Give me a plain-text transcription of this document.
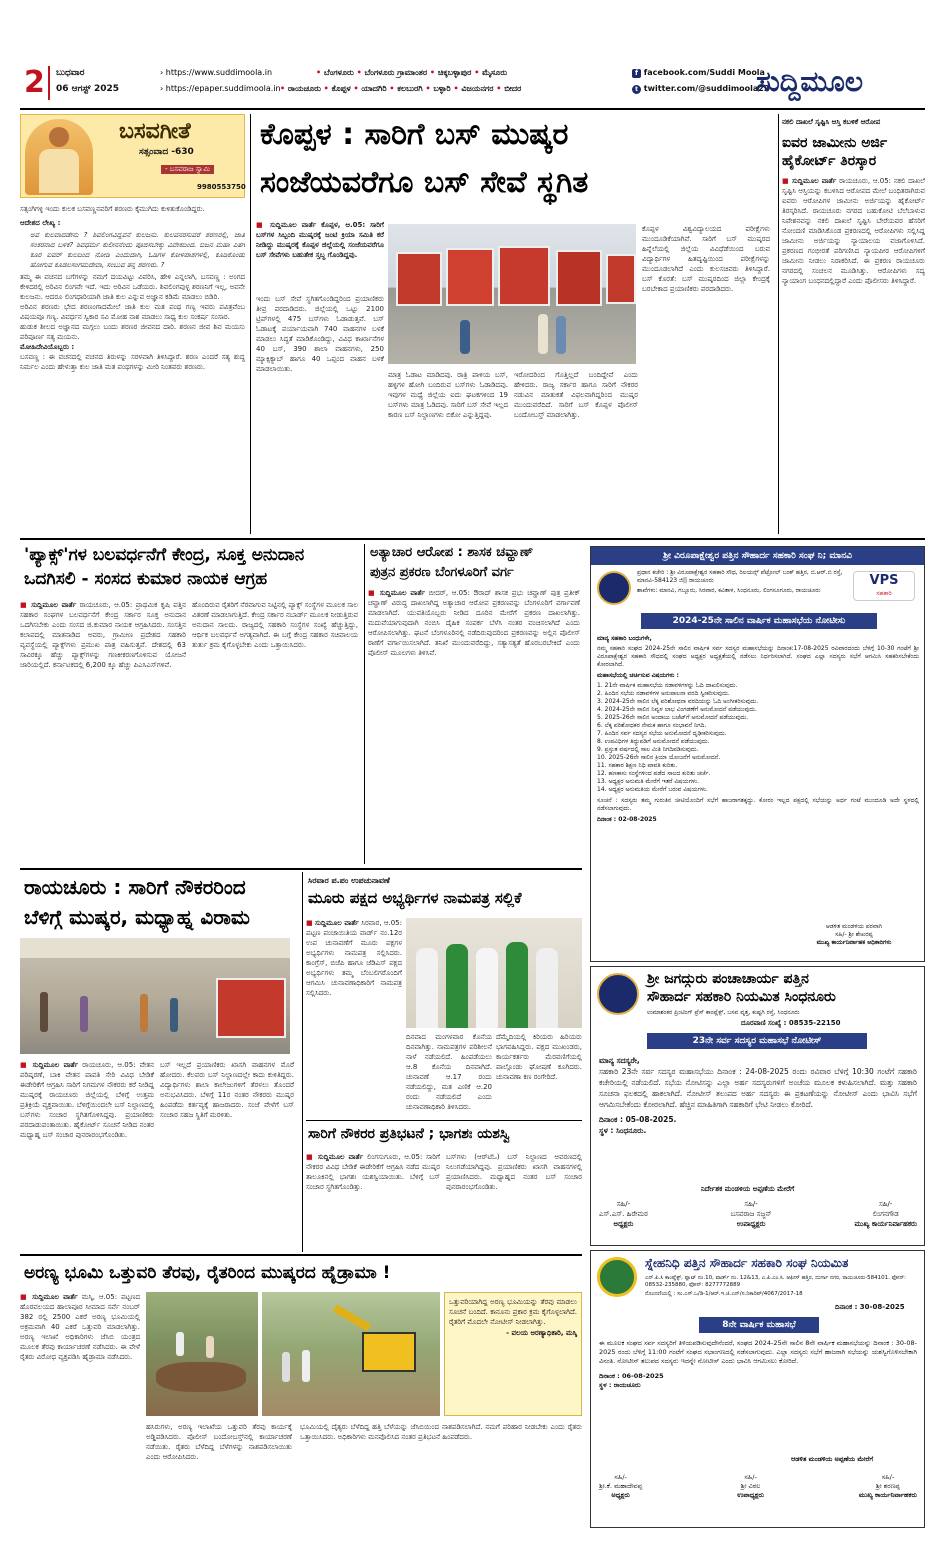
2 ಬುಧವಾರ
06 ಆಗಸ್ಟ್ 2025
› https://www.suddimoola.in
› https://epaper.suddimoola.in
• ಬೆಂಗಳೂರು • ಬೆಂಗಳೂರು ಗ್ರಾಮಾಂತರ • ಚಿಕ್ಕಬಳ್ಳಾಪುರ • ಮೈಸೂರು
• ರಾಯಚೂರು • ಕೊಪ್ಪಳ • ಯಾದಗಿರಿ • ಕಲಬುರಗಿ • ಬಳ್ಳಾರಿ • ವಿಜಯನಗರ • ಬೀದರ
f facebook.com/Suddi Moola
t twitter.com/@suddimoola22
ಸುದ್ದಿಮೂಲ
ಬಸವಗೀತೆ
ಸತ್ಸಂವಾದ -630
- ಬಸವರಾಜ ಸ್ವಾಮಿ
9980553750

ಸತ್ಸಂಗಿಗಳ್ಳಿ ಇಂದು ಕುಲಕ ಬಸವಣ್ಣನವರಿಗೆ ಶರಣರು ಕೈಮುಗಿದು ಕುಳಿತುಕೊಂಡಿದ್ದರು.

ಆದೇಶದ ಲೇಖ್ಯ :

ಅವ ಕುಲವಾದಡೇನು ? ಶಿವಲಿಂಗವಿದ್ದವನೆ ಕುಲಜನು. ಕುಲವನರಸುವರೆ ಶರಣರಲ್ಲಿ, ಜಾತಿ ಸಂಕರನಾದ ಬಳಿಕ? ಶಿವಧರ್ಮ ಕುಲೀನನೆಂದು ಪೂಜಿಸಬೇಕ್ಕು ವಿವೇಕದಿಂದ. ಬಿಜನ ಮಹಾ ಪಿತಗಿ ಕೂರ ಐವರ್ ಕುಲದಿಂದ ನೋಡಿ ಎಂದುದಾಗಿ, ಓಡಿಗಳ ಕೋಳಿಪಾಶಗಳಲ್ಲಿ, ಕೂಡಿಕೊಂಡು ಹೋಗುವ ಕೂಡಲಸಂಗಮದೇವಾ, ಸಂಬುವ ತನ್ನ ಶರಣರು. ?

ತಮ್ಮ ಈ ವಚನದ ಬಗೆಗಳನ್ನು ನಮಗೆ ದಯವಿಟ್ಟು ವಿವರಿಸಿ, ಹೇಳಿ ಎನ್ನಲಾಗಿ, ಬಸವಣ್ಣ : ಅಂಗದ ಕೇಳಿದರಲ್ಲಿ ಅರಿವಿನ ಲಿಂಗವೇ ಇದೆ. ಇದು ಅರಿವಿನ ಒಡೆಯರು. ಶಿವಲಿಂಗವುಳ್ಳ ಶರಣನಿಗೆ ಇಲ್ಲ, ಅವನೇ ಕುಲಜನು. ಆದರೂ ಲಿಂಗಧಾರಿಯಾಗಿ ಜಾತಿ ಕುಲ ಎನ್ನುವ ಅಜ್ಞಾನ ಕಡಿಮೆ ಮಾಡಲು ಬಿಡಿರಿ.

ಅರಿವಿನ ಶರಣರು ಭೇದ ಶರಣಂಗಾದಮೇಲೆ ಜಾತಿ ಕುಲ ಮತ ಪಂಥ ಗಣ್ಯ ಇವರು ಪವಿತ್ರವೆಂಬ ವಿಷಯವೂ ಗಣ್ಯ. ವಿವರ್ಧನ ಸ್ವಿಕಾರ ಸವಿ ಮೋಹ ನಾಶ ಮಾಡಲು ಸಾಧ್ಯ ಕುಲ ಸಂಕರ್ಷ ಸಂಸಾರ.

ಹುಡುಕ ಶೀಲದ ಅಜ್ಞಾನದ ಮಗ್ಗಲು ಬಂದು ಶರಣರ ಜೀವನದ ದಾರಿ. ಶರಣನ ಜೀವ ಶಿವ ಮಯಸು ಪರಿಪೂರ್ಣ ಸತ್ಯ ಮಯನು.

ಮೋಹಿದೇವಿಯೊಬ್ಬರು :

ಬಸವಣ್ಣ : ಈ ವಚನದಲ್ಲಿ ವಚನದ ತಿರುಳನ್ನು ಸರಳವಾಗಿ ತಿಳಿಸಿದ್ದಾರೆ. ಶರಣ ಎಂದರೆ ಸತ್ಯ ಶುದ್ಧ ನಿರ್ಮಲ ಎಂದು ಹೇಳುತ್ತಾ ಕುಲ ಜಾತಿ ಮತ ಪಂಥಗಳನ್ನು ಮೀರಿ ನಿಂತವರು ಶರಣರು.

ಕೊಪ್ಪಳ : ಸಾರಿಗೆ ಬಸ್ ಮುಷ್ಕರ
ಸಂಜೆಯವರೆಗೂ ಬಸ್ ಸೇವೆ ಸ್ಥಗಿತ
■ ಸುದ್ದಿಮೂಲ ವಾರ್ತೆ ಕೊಪ್ಪಳ, ಆ.05: ಸಾರಿಗೆ ಬಸ್‌ಗಳ ಸಿಬ್ಬಂದಿ ಮುಷ್ಕರಕ್ಕೆ ಜಂಟಿ ಕ್ರಿಯಾ ಸಮಿತಿ ಕರೆ ನೀಡಿದ್ದು ಮುಷ್ಕರಕ್ಕೆ ಕೊಪ್ಪಳ ಜಿಲ್ಲೆಯಲ್ಲಿ ಸಂಜೆಯವರೆಗೂ ಬಸ್ ಸೇವೆಗಳು ಬಹುತೇಕ ಸ್ತಬ್ಧ ಗೊಂಡಿದ್ದವು.
ಇಂದು ಬಸ್ ಸೇವೆ ಸ್ಥಗಿತಗೊಂಡಿದ್ದರಿಂದ ಪ್ರಯಾಣಿಕರು ತೀವ್ರ ಪರದಾಡಿದರು. ಜಿಲ್ಲೆಯಲ್ಲಿ ಒಟ್ಟು 2100 ಟ್ರಿಪ್‌ಗಳಲ್ಲಿ 475 ಬಸ್‌ಗಳು ಓಡಾಡುತ್ತವೆ. ಬಸ್ ಓಡಾಟಕ್ಕೆ ಪರ್ಯಾಯವಾಗಿ 740 ವಾಹನಗಳ ಬಳಕೆ ಮಾಡಲು ಸಿದ್ಧತೆ ಮಾಡಿಕೊಂಡಿದ್ದು, ವಿವಿಧ ಕಾರ್ಖಾನೆಗಳ 40 ಬಸ್, 390 ಶಾಲಾ ವಾಹನಗಳು, 250 ಮ್ಯಾಕ್ಸಿಕ್ಯಾಬ್ ಹಾಗೂ 40 ಒಪ್ಪಂದ ವಾಹನ ಬಳಕೆ ಮಾಡಲಾಯಿತು.
ಮಾತ್ರ ಓಡಾಟ ಮಾಡಿದವು. ರಾತ್ರಿ ಪಾಳಿಯ ಬಸ್, ಹಳ್ಳಿಗಳ ಹೋಗಿ ಬಂದಿರುವ ಬಸ್‌ಗಳು ಓಡಾಡಿದವು. ಇವುಗಳ ಮಧ್ಯೆ ಜಿಲ್ಲೆಯ ಐದು ಘಟಕಗಳಿಂದ 19 ಬಸ್‌ಗಳು ಮಾತ್ರ ಓಡಿದವು. ಸಾರಿಗೆ ಬಸ್ ಸೇವೆ ಇಲ್ಲದ ಕಾರಣ ಬಸ್ ನಿಲ್ದಾಣಗಳು ಬಿಕೋ ಎನ್ನುತ್ತಿದ್ದವು.
ಇರೋದರಿಂದ ಗೊತ್ತಿಲ್ಲದೆ ಬಂದಿದ್ದೇವೆ ಎಂದು ಹೇಳಿದರು. ರಾಜ್ಯ ಸರ್ಕಾರ ಹಾಗೂ ಸಾರಿಗೆ ನೌಕರರ ನಡುವಿನ ಮಾತುಕತೆ ವಿಫಲವಾಗಿದ್ದರಿಂದ ಮುಷ್ಕರ ಮುಂದುವರೆದಿದೆ. ಸಾರಿಗೆ ಬಸ್ ಕೊಪ್ಪಳ ಪೊಲೀಸ್ ಬಂದೋಬಸ್ತ್ ಮಾಡಲಾಗಿತ್ತು.
ಕೊಪ್ಪಳ ವಿಶ್ವವಿದ್ಯಾಲಯದ ಪರೀಕ್ಷೆಗಳು ಮುಂದೂಡಿಕೆಯಾಗಿವೆ. ಸಾರಿಗೆ ಬಸ್ ಮುಷ್ಕರದ ಹಿನ್ನೆಲೆಯಲ್ಲಿ ಜಿಲ್ಲೆಯ ವಿವಿಧೆಡೆಯಿಂದ ಬರುವ ವಿದ್ಯಾರ್ಥಿಗಳ ಹಿತದೃಷ್ಟಿಯಿಂದ ಪರೀಕ್ಷೆಗಳನ್ನು ಮುಂದೂಡಲಾಗಿದೆ ಎಂದು ಕುಲಸಚಿವರು ತಿಳಿಸಿದ್ದಾರೆ. ಬಸ್ ಕೊರತೆ: ಬಸ್ ಮುಷ್ಕರದಿಂದ ಜಿಲ್ಲಾ ಕೇಂದ್ರಕ್ಕೆ ಬರಬೇಕಾದ ಪ್ರಯಾಣಿಕರು ಪರದಾಡಿದರು.
ನಕಲಿ ದಾಖಲೆ ಸೃಷ್ಟಿಸಿ ಆಸ್ತಿ ಕಬಳಿಕೆ ಆರೋಪ
ಐವರ ಜಾಮೀನು ಅರ್ಜಿ ಹೈಕೋರ್ಟ್ ತಿರಸ್ಕಾರ
■ ಸುದ್ದಿಮೂಲ ವಾರ್ತೆ ರಾಯಚೂರು, ಆ.05: ನಕಲಿ ದಾಖಲೆ ಸೃಷ್ಟಿಸಿ ಆಸ್ತಿಯನ್ನು ಕಬಳಿಸಿದ ಆರೋಪದ ಮೇಲೆ ಬಂಧಿತರಾಗಿರುವ ಐವರು ಆರೋಪಿಗಳ ಜಾಮೀನು ಅರ್ಜಿಯನ್ನು ಹೈಕೋರ್ಟ್ ತಿರಸ್ಕರಿಸಿದೆ. ರಾಯಚೂರು ನಗರದ ಬಹುಕೋಟಿ ಬೆಲೆಬಾಳುವ ನಿವೇಶನವನ್ನು ನಕಲಿ ದಾಖಲೆ ಸೃಷ್ಟಿಸಿ ಬೇರೆಯವರ ಹೆಸರಿಗೆ ನೋಂದಣಿ ಮಾಡಿಸಿಕೊಂಡ ಪ್ರಕರಣದಲ್ಲಿ ಆರೋಪಿಗಳು ಸಲ್ಲಿಸಿದ್ದ ಜಾಮೀನು ಅರ್ಜಿಯನ್ನು ನ್ಯಾಯಾಲಯ ವಜಾಗೊಳಿಸಿದೆ. ಪ್ರಕರಣದ ಗಂಭೀರತೆ ಪರಿಗಣಿಸಿದ ನ್ಯಾಯಪೀಠ ಆರೋಪಿಗಳಿಗೆ ಜಾಮೀನು ನೀಡಲು ನಿರಾಕರಿಸಿದೆ. ಈ ಪ್ರಕರಣ ರಾಯಚೂರು ನಗರದಲ್ಲಿ ಸಂಚಲನ ಮೂಡಿಸಿತ್ತು. ಆರೋಪಿಗಳು ಸದ್ಯ ನ್ಯಾಯಾಂಗ ಬಂಧನದಲ್ಲಿದ್ದಾರೆ ಎಂದು ಪೊಲೀಸರು ತಿಳಿಸಿದ್ದಾರೆ.
'ಪ್ಯಾಕ್ಸ್'ಗಳ ಬಲವರ್ಧನೆಗೆ ಕೇಂದ್ರ, ಸೂಕ್ತ ಅನುದಾನ
ಒದಗಿಸಲಿ - ಸಂಸದ ಕುಮಾರ ನಾಯಕ ಆಗ್ರಹ
■ ಸುದ್ದಿಮೂಲ ವಾರ್ತೆ ರಾಯಚೂರು, ಆ.05: ಪ್ರಾಥಮಿಕ ಕೃಷಿ ಪತ್ತಿನ ಸಹಕಾರ ಸಂಘಗಳ ಬಲವರ್ಧನೆಗೆ ಕೇಂದ್ರ ಸರ್ಕಾರ ಸೂಕ್ತ ಅನುದಾನ ಒದಗಿಸಬೇಕು ಎಂದು ಸಂಸದ ಜಿ.ಕುಮಾರ ನಾಯಕ ಆಗ್ರಹಿಸಿದರು. ಸಂಸತ್ತಿನ ಕಲಾಪದಲ್ಲಿ ಮಾತನಾಡಿದ ಅವರು, ಗ್ರಾಮೀಣ ಪ್ರದೇಶದ ಸಹಕಾರಿ ವ್ಯವಸ್ಥೆಯಲ್ಲಿ ಪ್ಯಾಕ್ಸ್‌ಗಳು ಪ್ರಮುಖ ಪಾತ್ರ ವಹಿಸುತ್ತವೆ. ದೇಶದಲ್ಲಿ 63 ಸಾವಿರಕ್ಕೂ ಹೆಚ್ಚು ಪ್ಯಾಕ್ಸ್‌ಗಳನ್ನು ಗಣಕೀಕರಣಗೊಳಿಸುವ ಯೋಜನೆ ಜಾರಿಯಲ್ಲಿದೆ. ಕರ್ನಾಟಕದಲ್ಲಿ 6,200 ಕ್ಕೂ ಹೆಚ್ಚು ಪಿಎಸಿಎಸ್‌ಗಳಿವೆ.
ಹೊಂದಿರುವ ರೈತರಿಗೆ ನೆರವಾಗುವ ನಿಟ್ಟಿನಲ್ಲಿ ಪ್ಯಾಕ್ಸ್ ಸಂಸ್ಥೆಗಳ ಮೂಲಕ ಸಾಲ ವಿತರಣೆ ಮಾಡಲಾಗುತ್ತಿದೆ. ಕೇಂದ್ರ ಸರ್ಕಾರ ನಬಾರ್ಡ್ ಮೂಲಕ ನೀಡುತ್ತಿರುವ ಅನುದಾನ ಸಾಲದು. ರಾಜ್ಯದಲ್ಲಿ ಸಹಕಾರಿ ಸಂಸ್ಥೆಗಳ ಸಂಖ್ಯೆ ಹೆಚ್ಚುತ್ತಿದ್ದು, ಆರ್ಥಿಕ ಬಲವರ್ಧನೆ ಅಗತ್ಯವಾಗಿದೆ. ಈ ಬಗ್ಗೆ ಕೇಂದ್ರ ಸಹಕಾರ ಸಚಿವಾಲಯ ತುರ್ತು ಕ್ರಮ ಕೈಗೊಳ್ಳಬೇಕು ಎಂದು ಒತ್ತಾಯಿಸಿದರು.
ಅತ್ಯಾಚಾರ ಆರೋಪ : ಶಾಸಕ ಚವ್ಹಾಣ್
ಪುತ್ರನ ಪ್ರಕರಣ ಬೆಂಗಳೂರಿಗೆ ವರ್ಗ
■ ಸುದ್ದಿಮೂಲ ವಾರ್ತೆ ಬೀದರ್, ಆ.05: ಔರಾದ್ ಶಾಸಕ ಪ್ರಭು ಚವ್ಹಾಣ್ ಪುತ್ರ ಪ್ರತೀಕ್ ಚವ್ಹಾಣ್ ವಿರುದ್ಧ ದಾಖಲಾಗಿದ್ದ ಅತ್ಯಾಚಾರ ಆರೋಪ ಪ್ರಕರಣವನ್ನು ಬೆಂಗಳೂರಿಗೆ ವರ್ಗಾವಣೆ ಮಾಡಲಾಗಿದೆ. ಯುವತಿಯೊಬ್ಬರು ನೀಡಿದ ದೂರಿನ ಮೇರೆಗೆ ಪ್ರಕರಣ ದಾಖಲಾಗಿತ್ತು. ಮದುವೆಯಾಗುವುದಾಗಿ ನಂಬಿಸಿ ದೈಹಿಕ ಸಂಪರ್ಕ ಬೆಳೆಸಿ ನಂತರ ವಂಚಿಸಲಾಗಿದೆ ಎಂದು ಆರೋಪಿಸಲಾಗಿತ್ತು. ಘಟನೆ ಬೆಂಗಳೂರಿನಲ್ಲಿ ನಡೆದಿರುವುದರಿಂದ ಪ್ರಕರಣವನ್ನು ಅಲ್ಲಿನ ಪೊಲೀಸ್ ಠಾಣೆಗೆ ವರ್ಗಾಯಿಸಲಾಗಿದೆ. ತನಿಖೆ ಮುಂದುವರೆದಿದ್ದು, ಸತ್ಯಾಸತ್ಯತೆ ಹೊರಬರಬೇಕಿದೆ ಎಂದು ಪೊಲೀಸ್ ಮೂಲಗಳು ತಿಳಿಸಿವೆ.
ಶ್ರೀ ವಿರೂಪಾಕ್ಷೇಶ್ವರ ಪತ್ತಿನ ಸೌಹಾರ್ದ ಸಹಕಾರಿ ಸಂಘ ನಿ; ಮಾನವಿ
ಪ್ರಧಾನ ಕಚೇರಿ : ಶ್ರೀ ವಿರೂಪಾಕ್ಷೇಶ್ವರ ಸಹಕಾರಿ ಸೌಧ, ರಿಲಯನ್ಸ್ ಪೆಟ್ರೋಲ್ ಬಂಕ್ ಹತ್ತಿರ, ಬಿ.ಆರ್.ಬಿ ರಸ್ತೆ, ಮಾನವಿ-584123 ಜಿ|| ರಾಯಚೂರು
ಶಾಖೆಗಳು: ಮಾನವಿ, ಗಬ್ಬೂರು, ಸಿರವಾರ, ಕವಿತಾಳ, ಸಿಂಧನೂರು, ಲಿಂಗಸೂಗೂರು, ರಾಯಚೂರು
VPS
ಸಹಕಾರಿ
2024-25ನೇ ಸಾಲಿನ ವಾರ್ಷಿಕ ಮಹಾಸಭೆಯ ನೋಟೀಸು
ಮಾನ್ಯ ಸಹಕಾರಿ ಬಂಧುಗಳೇ,
ನಮ್ಮ ಸಹಕಾರಿ ಸಂಘದ 2024-25ನೇ ಸಾಲಿನ ವಾರ್ಷಿಕ ಸರ್ವ ಸದಸ್ಯರ ಮಹಾಸಭೆಯನ್ನು ದಿನಾಂಕ:17-08-2025 ರವಿವಾರದಂದು ಬೆಳಿಗ್ಗೆ 10-30 ಗಂಟೆಗೆ ಶ್ರೀ ವಿರೂಪಾಕ್ಷೇಶ್ವರ ಸಹಕಾರಿ ಸೌಧದಲ್ಲಿ ಸಂಘದ ಅಧ್ಯಕ್ಷರ ಅಧ್ಯಕ್ಷತೆಯಲ್ಲಿ ನಡೆಸಲು ನಿರ್ಧರಿಸಲಾಗಿದೆ. ಸಂಘದ ಎಲ್ಲಾ ಸದಸ್ಯರು ಸಭೆಗೆ ಆಗಮಿಸಿ ಸಹಕರಿಸಬೇಕೆಂದು ಕೋರಲಾಗಿದೆ.
ಮಹಾಸಭೆಯಲ್ಲಿ ಚರ್ಚಿಸುವ ವಿಷಯಗಳು :
1. 21ನೇ ವಾರ್ಷಿಕ ಮಹಾಸಭೆಯ ನಡಾವಳಿಗಳನ್ನು ಓದಿ ದಾಖಲಿಸುವುದು.
2. ಹಿಂದಿನ ಸಭೆಯ ನಡಾವಳಿಗಳ ಅನುಪಾಲನಾ ವರದಿ ಸ್ವೀಕರಿಸುವುದು.
3. 2024-25ನೇ ಸಾಲಿನ ಲೆಕ್ಕ ಪರಿಶೋಧನಾ ವರದಿಯನ್ನು ಓದಿ ಅಂಗೀಕರಿಸುವುದು.
4. 2024-25ನೇ ಸಾಲಿನ ನಿವ್ವಳ ಲಾಭ ವಿಂಗಡಣೆಗೆ ಅನುಮೋದನೆ ಪಡೆಯುವುದು.
5. 2025-26ನೇ ಸಾಲಿನ ಅಂದಾಜು ಬಜೆಟ್‌ಗೆ ಅನುಮೋದನೆ ಪಡೆಯುವುದು.
6. ಲೆಕ್ಕ ಪರಿಶೋಧಕರ ನೇಮಕ ಹಾಗೂ ಸಂಭಾವನೆ ನಿಗದಿ.
7. ಹಿಂದಿನ ಸರ್ವ ಸದಸ್ಯರ ಸಭೆಯ ಅನುಮೋದನೆ ದೃಢೀಕರಿಸುವುದು.
8. ಉಪವಿಧಿಗಳ ತಿದ್ದುಪಡಿಗೆ ಅನುಮೋದನೆ ಪಡೆಯುವುದು.
9. ಪ್ರಸ್ತುತ ವರ್ಷದಲ್ಲಿ ಸಾಲ ಮಿತಿ ನಿಗದಿಪಡಿಸುವುದು.
10. 2025-26ನೇ ಸಾಲಿನ ಕ್ರಿಯಾ ಯೋಜನೆಗೆ ಅನುಮೋದನೆ.
11. ಸಹಕಾರ ಶಿಕ್ಷಣ ನಿಧಿ ಪಾವತಿ ಕುರಿತು.
12. ಹಣಕಾಸು ಸಂಸ್ಥೆಗಳಿಂದ ಪಡೆದ ಸಾಲದ ಕುರಿತು ಚರ್ಚೆ.
13. ಅಧ್ಯಕ್ಷರ ಅನುಮತಿ ಮೇರೆಗೆ ಇತರೆ ವಿಷಯಗಳು.
14. ಅಧ್ಯಕ್ಷರ ಅನುಮತಿಯ ಮೇರೆಗೆ ಬರುವ ವಿಷಯಗಳು.
ಸೂಚನೆ : ಸದಸ್ಯರು ತಮ್ಮ ಗುರುತಿನ ಚೀಟಿಯೊಂದಿಗೆ ಸಭೆಗೆ ಹಾಜರಾಗತಕ್ಕದ್ದು. ಕೋರಂ ಇಲ್ಲದ ಪಕ್ಷದಲ್ಲಿ ಸಭೆಯನ್ನು ಅರ್ಧ ಗಂಟೆ ಮುಂದೂಡಿ ಅದೇ ಸ್ಥಳದಲ್ಲಿ ನಡೆಸಲಾಗುವುದು.
ದಿನಾಂಕ : 02-08-2025
ಆಡಳಿತ ಮಂಡಳಿಯ ಪರವಾಗಿ
ಸಹಿ/- ಶ್ರೀ ಶೇಖರಪ್ಪ
ಮುಖ್ಯ ಕಾರ್ಯನಿರ್ವಾಹಕ ಅಧಿಕಾರಿಗಳು
ರಾಯಚೂರು : ಸಾರಿಗೆ ನೌಕರರಿಂದ
ಬೆಳಿಗ್ಗೆ ಮುಷ್ಕರ, ಮಧ್ಯಾಹ್ನ ವಿರಾಮ
■ ಸುದ್ದಿಮೂಲ ವಾರ್ತೆ ರಾಯಚೂರು, ಆ.05: ವೇತನ ಪರಿಷ್ಕರಣೆ, ಬಾಕಿ ವೇತನ ಪಾವತಿ ಸೇರಿ ವಿವಿಧ ಬೇಡಿಕೆ ಈಡೇರಿಕೆಗೆ ಆಗ್ರಹಿಸಿ ಸಾರಿಗೆ ನಿಗಮಗಳ ನೌಕರರು ಕರೆ ನೀಡಿದ್ದ ಮುಷ್ಕರಕ್ಕೆ ರಾಯಚೂರು ಜಿಲ್ಲೆಯಲ್ಲಿ ಬೆಳಿಗ್ಗೆ ಉತ್ತಮ ಪ್ರತಿಕ್ರಿಯೆ ವ್ಯಕ್ತವಾಯಿತು. ಬೆಳಿಗ್ಗೆಯಿಂದಲೇ ಬಸ್ ನಿಲ್ದಾಣದಲ್ಲಿ ಬಸ್‌ಗಳು ಸಂಚಾರ ಸ್ಥಗಿತಗೊಳಿಸಿದ್ದವು. ಪ್ರಯಾಣಿಕರು ಪರದಾಡುವಂತಾಯಿತು. ಹೈಕೋರ್ಟ್ ಸೂಚನೆ ನೀಡಿದ ನಂತರ ಮಧ್ಯಾಹ್ನ ಬಸ್ ಸಂಚಾರ ಪುನರಾರಂಭಗೊಂಡಿತು.
ಬಸ್ ಇಲ್ಲದೆ ಪ್ರಯಾಣಿಕರು ಖಾಸಗಿ ವಾಹನಗಳ ಮೊರೆ ಹೋದರು. ಕೆಲವರು ಬಸ್ ನಿಲ್ದಾಣದಲ್ಲೇ ಕಾದು ಕುಳಿತಿದ್ದರು. ವಿದ್ಯಾರ್ಥಿಗಳು ಶಾಲಾ ಕಾಲೇಜುಗಳಿಗೆ ತೆರಳಲು ತೊಂದರೆ ಅನುಭವಿಸಿದರು. ಬೆಳಿಗ್ಗೆ 11ರ ನಂತರ ನೌಕರರು ಮುಷ್ಕರ ಹಿಂಪಡೆದು ಕರ್ತವ್ಯಕ್ಕೆ ಹಾಜರಾದರು. ಸಂಜೆ ವೇಳೆಗೆ ಬಸ್ ಸಂಚಾರ ಸಹಜ ಸ್ಥಿತಿಗೆ ಮರಳಿತು.
ಸಿರವಾರ ಪ.ಪಂ ಉಪಚುನಾವಣೆ
ಮೂರು ಪಕ್ಷದ ಅಭ್ಯರ್ಥಿಗಳ ನಾಮಪತ್ರ ಸಲ್ಲಿಕೆ
■ ಸುದ್ದಿಮೂಲ ವಾರ್ತೆ ಸಿರವಾರ, ಆ.05: ಪಟ್ಟಣ ಪಂಚಾಯಿತಿಯ ವಾರ್ಡ್ ನಂ.12ರ ಉಪ ಚುನಾವಣೆಗೆ ಮೂರು ಪಕ್ಷಗಳ ಅಭ್ಯರ್ಥಿಗಳು ನಾಮಪತ್ರ ಸಲ್ಲಿಸಿದರು. ಕಾಂಗ್ರೆಸ್, ಬಿಜೆಪಿ ಹಾಗೂ ಜೆಡಿಎಸ್ ಪಕ್ಷದ ಅಭ್ಯರ್ಥಿಗಳು ತಮ್ಮ ಬೆಂಬಲಿಗರೊಂದಿಗೆ ಆಗಮಿಸಿ ಚುನಾವಣಾಧಿಕಾರಿಗೆ ನಾಮಪತ್ರ ಸಲ್ಲಿಸಿದರು.
ದಿನವಾದ ಮಂಗಳವಾರ ಕೊನೆಯ ದಿನವಾಗಿತ್ತು. ನಾಮಪತ್ರಗಳ ಪರಿಶೀಲನೆ ನಾಳೆ ನಡೆಯಲಿದೆ. ಹಿಂಪಡೆಯಲು ಆ.8 ಕೊನೆಯ ದಿನವಾಗಿದೆ. ಚುನಾವಣೆ ಆ.17 ರಂದು ನಡೆಯಲಿದ್ದು, ಮತ ಎಣಿಕೆ ಆ.20 ರಂದು ನಡೆಯಲಿದೆ ಎಂದು ಚುನಾವಣಾಧಿಕಾರಿ ತಿಳಿಸಿದರು.
ದೆಮ್ಮೆದಿಯಲ್ಲಿ ಕಿರಿಯರು ಹಿರಿಯರು ಭಾಗವಹಿಸಿದ್ದರು. ಪಕ್ಷದ ಮುಖಂಡರು, ಕಾರ್ಯಕರ್ತರು ಮೆರವಣಿಗೆಯಲ್ಲಿ ಪಾಲ್ಗೊಂಡು ಘೋಷಣೆ ಕೂಗಿದರು. ಚುನಾವಣಾ ಕಣ ರಂಗೇರಿದೆ.
ಸಾರಿಗೆ ನೌಕರರ ಪ್ರತಿಭಟನೆ ; ಭಾಗಶಃ ಯಶಸ್ವಿ
■ ಸುದ್ದಿಮೂಲ ವಾರ್ತೆ ಲಿಂಗಸುಗೂರು, ಆ.05: ಸಾರಿಗೆ ನೌಕರರ ವಿವಿಧ ಬೇಡಿಕೆ ಈಡೇರಿಕೆಗೆ ಆಗ್ರಹಿಸಿ ನಡೆದ ಮುಷ್ಕರ ತಾಲೂಕಿನಲ್ಲಿ ಭಾಗಶಃ ಯಶಸ್ವಿಯಾಯಿತು. ಬೆಳಿಗ್ಗೆ ಬಸ್ ಸಂಚಾರ ಸ್ಥಗಿತಗೊಂಡಿತ್ತು.
ಬಸ್‌ಗಳು (ಆರ್‌ಟಿಓ) ಬಸ್ ನಿಲ್ದಾಣದ ಆವರಣದಲ್ಲಿ ನಿಲುಗಡೆಯಾಗಿದ್ದವು. ಪ್ರಯಾಣಿಕರು ಖಾಸಗಿ ವಾಹನಗಳಲ್ಲಿ ಪ್ರಯಾಣಿಸಿದರು. ಮಧ್ಯಾಹ್ನದ ನಂತರ ಬಸ್ ಸಂಚಾರ ಪುನರಾರಂಭಗೊಂಡಿತು.
ಶ್ರೀ ಜಗದ್ಗುರು ಪಂಚಾಚಾರ್ಯ ಪತ್ತಿನ
ಸೌಹಾರ್ದ ಸಹಕಾರಿ ನಿಯಮಿತ ಸಿಂಧನೂರು
ಉಮಾಶಂಕರ ಪ್ರಿಂಟಿಂಗ್ ಪ್ರೆಸ್ ಕಾಂಪ್ಲೆಕ್ಸ್, ಬಸವ ವೃತ್ತ, ಕುಷ್ಟಗಿ ರಸ್ತೆ, ಸಿಂಧನೂರು
ದೂರವಾಣಿ ಸಂಖ್ಯೆ : 08535-22150
23ನೇ ಸರ್ವ ಸದಸ್ಯರ ಮಹಾಸಭೆ ನೋಟೀಸ್
ಮಾನ್ಯ ಸದಸ್ಯರೇ,
ಸಹಕಾರಿ 23ನೇ ಸರ್ವ ಸದಸ್ಯರ ಮಹಾಸಭೆಯು ದಿನಾಂಕ : 24-08-2025 ರಂದು ರವಿವಾರ ಬೆಳಿಗ್ಗೆ 10:30 ಗಂಟೆಗೆ ಸಹಕಾರಿ ಕಚೇರಿಯಲ್ಲಿ ನಡೆಯಲಿದೆ. ಸಭೆಯ ನೋಟಿಸನ್ನು ಎಲ್ಲಾ ಅರ್ಹ ಸದಸ್ಯರುಗಳಿಗೆ ಅಂಚೆಯ ಮೂಲಕ ಕಳುಹಿಸಲಾಗಿದೆ. ಮತ್ತು ಸಹಕಾರಿ ಸೂಚನಾ ಫಲಕದಲ್ಲಿ ಹಾಕಲಾಗಿದೆ. ನೋಟೀಸ್ ತಲುಪದ ಅರ್ಹ ಸದಸ್ಯರು ಈ ಪ್ರಕಟಣೆಯನ್ನು ನೋಟೀಸ್ ಎಂದು ಭಾವಿಸಿ ಸಭೆಗೆ ಆಗಮಿಸಬೇಕೆಂದು ಕೋರಲಾಗಿದೆ. ಹೆಚ್ಚಿನ ಮಾಹಿತಿಗಾಗಿ ಸಹಕಾರಿಗೆ ಭೇಟಿ ನೀಡಲು ಕೋರಿದೆ.
ದಿನಾಂಕ : 05-08-2025.
ಸ್ಥಳ : ಸಿಂಧನೂರು.
ನಿರ್ದೇಶಕ ಮಂಡಳಿಯ ಅಪ್ಪಣೆಯ ಮೇರೆಗೆ
ಸಹಿ/-
ಎಸ್.ಎಸ್. ಹಿರೇಮಠ
ಅಧ್ಯಕ್ಷರು
ಸಹಿ/-
ಬಸವರಾಜ ಸಜ್ಜನ್
ಉಪಾಧ್ಯಕ್ಷರು
ಸಹಿ/-
ಲಿಂಗನಗೌಡ
ಮುಖ್ಯ ಕಾರ್ಯನಿರ್ವಾಹಕರು
ಅರಣ್ಯ ಭೂಮಿ ಒತ್ತುವರಿ ತೆರವು, ರೈತರಿಂದ ಮುಷ್ಕರದ ಹೈಡ್ರಾಮಾ !
■ ಸುದ್ದಿಮೂಲ ವಾರ್ತೆ ಮಸ್ಕಿ, ಆ.05: ಪಟ್ಟಣದ ಹೊರವಲಯದ ಹಾಲಾಪೂರ ಸೀಮಾದ ಸರ್ವೆ ನಂಬರ್ 382 ರಲ್ಲಿ 2500 ಎಕರೆ ಅರಣ್ಯ ಭೂಮಿಯಲ್ಲಿ ಅಕ್ರಮವಾಗಿ 40 ಎಕರೆ ಒತ್ತುವರಿ ಮಾಡಲಾಗಿತ್ತು. ಅರಣ್ಯ ಇಲಾಖೆ ಅಧಿಕಾರಿಗಳು ಜೆಸಿಬಿ ಯಂತ್ರದ ಮೂಲಕ ತೆರವು ಕಾರ್ಯಾಚರಣೆ ನಡೆಸಿದರು. ಈ ವೇಳೆ ರೈತರು ವಿರೋಧ ವ್ಯಕ್ತಪಡಿಸಿ ಹೈಡ್ರಾಮಾ ನಡೆಸಿದರು.
ಹಸಿರುಗಳು, ಅರಣ್ಯ ಇಲಾಖೆಯ ಒತ್ತುವರಿ ತೆರವು ಕಾರ್ಯಕ್ಕೆ ಅಡ್ಡಿಪಡಿಸಿದರು. ಪೊಲೀಸ್ ಬಂದೋಬಸ್ತ್‌ನಲ್ಲಿ ಕಾರ್ಯಾಚರಣೆ ನಡೆಯಿತು. ರೈತರು ಬೆಳೆದಿದ್ದ ಬೆಳೆಗಳನ್ನು ನಾಶಪಡಿಸಲಾಯಿತು ಎಂದು ಆರೋಪಿಸಿದರು.
ಒತ್ತುವರಿಯಾಗಿದ್ದ ಅರಣ್ಯ ಭೂಮಿಯನ್ನು ತೆರವು ಮಾಡಲು ಸೂಚನೆ ಬಂದಿದೆ. ಕಾನೂನು ಪ್ರಕಾರ ಕ್ರಮ ಕೈಗೊಳ್ಳಲಾಗಿದೆ. ರೈತರಿಗೆ ಮೊದಲೇ ನೋಟೀಸ್ ನೀಡಲಾಗಿತ್ತು.
- ವಲಯ ಅರಣ್ಯಾಧಿಕಾರಿ, ಮಸ್ಕಿ
ಭೂಮಿಯಲ್ಲಿ ದೈತ್ಯರು ಬೆಳೆದಿದ್ದ ಹತ್ತಿ ಬೆಳೆಯನ್ನು ಜೆಸಿಬಿಯಿಂದ ನಾಶಪಡಿಸಲಾಗಿದೆ. ನಮಗೆ ಪರಿಹಾರ ನೀಡಬೇಕು ಎಂದು ರೈತರು ಒತ್ತಾಯಿಸಿದರು. ಅಧಿಕಾರಿಗಳು ಮನವೊಲಿಸಿದ ನಂತರ ಪ್ರತಿಭಟನೆ ಹಿಂಪಡೆದರು.
ಸ್ನೇಹನಿಧಿ ಪತ್ತಿನ ಸೌಹಾರ್ದ ಸಹಕಾರಿ ಸಂಘ ನಿಯಮಿತ
ಎನ್.ಪಿ.ಸಿ ಕಾಂಪ್ಲೆಕ್ಸ್, ಪ್ಲಾಟ್ ನಂ.10, ವಾರ್ಡ್ ನಂ. 12&13, ಎ.ಪಿ.ಎಂ.ಸಿ. ಆಫೀಸ್ ಹತ್ತಿರ, ದುರ್ಗಾ ನಗರ, ರಾಯಚೂರು-584101. ಫೋನ್: 08532-235880, ಫೋನ್: 8277772889
ನೊಂದಣಿಯಲ್ಲಿ : ಸಂ.ಎಸ್.ಒ/ಡಿ-1/ಆರ್.ಇ.ಜಿ.ಎನ್/ಸ.ನಿಕಾರಿಪ್/4067/2017-18
ದಿನಾಂಕ : 30-08-2025
8ನೇ ವಾರ್ಷಿಕ ಮಹಾಸಭೆ
ಈ ಮೂಲಕ ಸಂಘದ ಸರ್ವ ಸದಸ್ಯರಿಗೆ ತಿಳಿಯಪಡಿಸುವುದೇನೆಂದರೆ, ಸಂಘದ 2024-25ನೇ ಸಾಲಿನ 8ನೇ ವಾರ್ಷಿಕ ಮಹಾಸಭೆಯನ್ನು ದಿನಾಂಕ : 30-08-2025 ರಂದು ಬೆಳಿಗ್ಗೆ 11:00 ಗಂಟೆಗೆ ಸಂಘದ ಸಭಾಂಗಣದಲ್ಲಿ ನಡೆಸಲಾಗುವುದು. ಎಲ್ಲಾ ಸದಸ್ಯರು ಸಭೆಗೆ ಹಾಜರಾಗಿ ಸಭೆಯನ್ನು ಯಶಸ್ವಿಗೊಳಿಸಬೇಕಾಗಿ ವಿನಂತಿ. ನೋಟೀಸ್ ತಲುಪದ ಸದಸ್ಯರು ಇದನ್ನೇ ನೋಟೀಸ್ ಎಂದು ಭಾವಿಸಿ ಆಗಮಿಸಲು ಕೋರಿದೆ.
ದಿನಾಂಕ : 06-08-2025
ಸ್ಥಳ : ರಾಯಚೂರು
ಆಡಳಿತ ಮಂಡಳಿಯ ಅಪ್ಪಣೆಯ ಮೇರೆಗೆ
ಸಹಿ/-
ಶ್ರೀ.ಕೆ. ಮಹಾದೇವಪ್ಪ
ಅಧ್ಯಕ್ಷರು
ಸಹಿ/-
ಶ್ರೀ ವಿಠಲ
ಉಪಾಧ್ಯಕ್ಷರು
ಸಹಿ/-
ಶ್ರೀ ಶರಣಪ್ಪ
ಮುಖ್ಯ ಕಾರ್ಯನಿರ್ವಾಹಕರು
